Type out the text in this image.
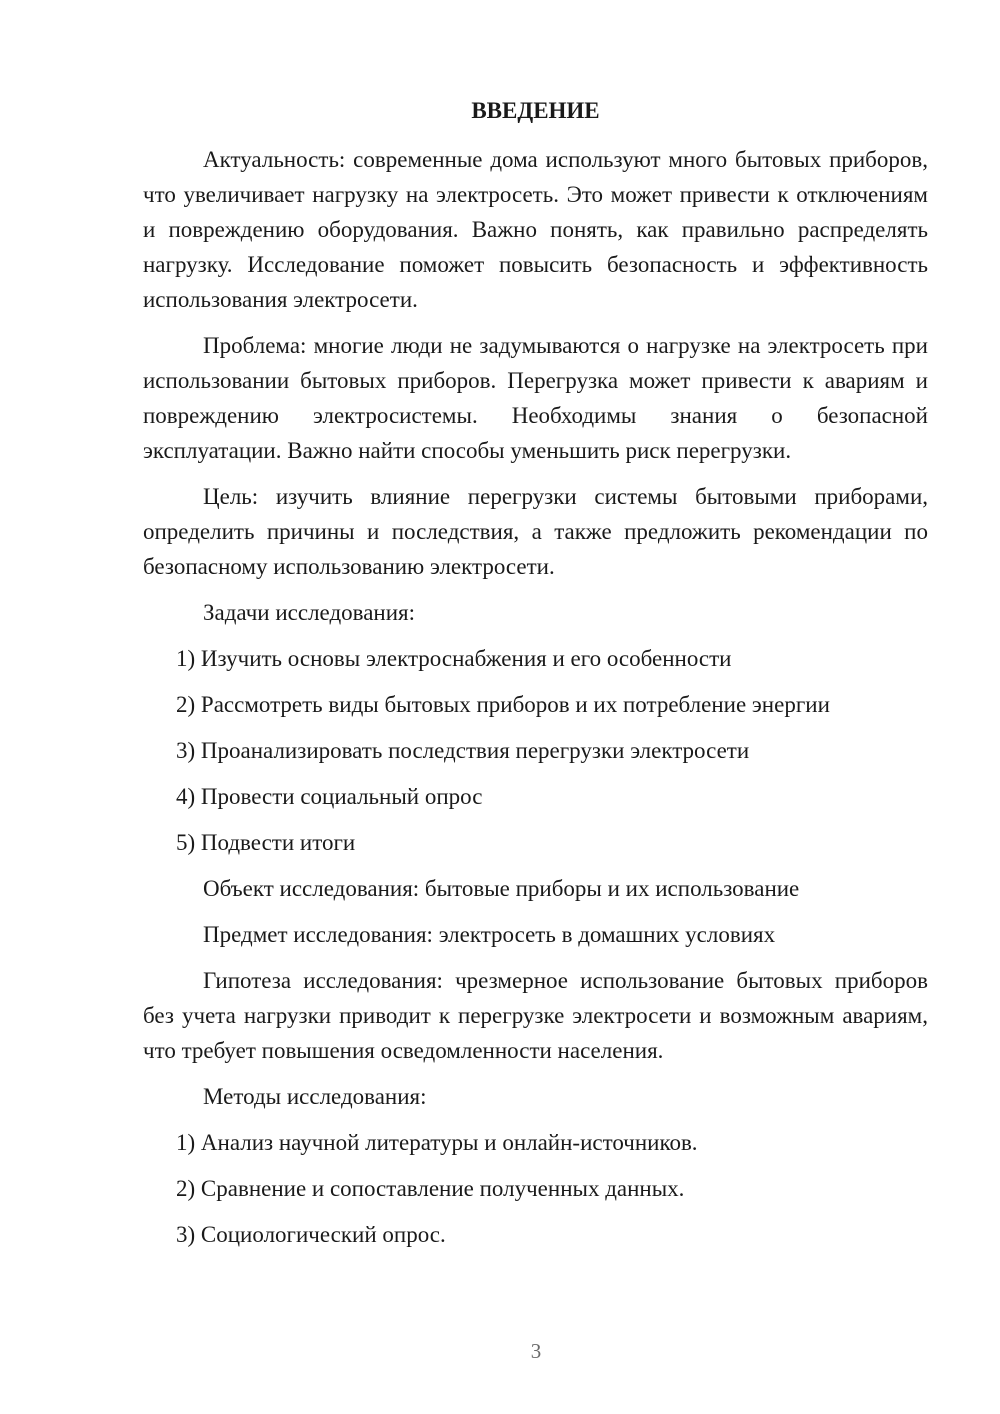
ВВЕДЕНИЕ

Актуальность: современные дома используют много бытовых приборов, что увеличивает нагрузку на электросеть. Это может привести к отключениям и повреждению оборудования. Важно понять, как правильно распределять нагрузку. Исследование поможет повысить безопасность и эффективность использования электросети.

Проблема: многие люди не задумываются о нагрузке на электросеть при использовании бытовых приборов. Перегрузка может привести к авариям и повреждению электросистемы. Необходимы знания о безопасной эксплуатации. Важно найти способы уменьшить риск перегрузки.

Цель: изучить влияние перегрузки системы бытовыми приборами, определить причины и последствия, а также предложить рекомендации по безопасному использованию электросети.

Задачи исследования:

1) Изучить основы электроснабжения и его особенности

2) Рассмотреть виды бытовых приборов и их потребление энергии

3) Проанализировать последствия перегрузки электросети

4) Провести социальный опрос

5) Подвести итоги

Объект исследования: бытовые приборы и их использование

Предмет исследования: электросеть в домашних условиях

Гипотеза исследования: чрезмерное использование бытовых приборов без учета нагрузки приводит к перегрузке электросети и возможным авариям, что требует повышения осведомленности населения.

Методы исследования:

1) Анализ научной литературы и онлайн-источников.

2) Сравнение и сопоставление полученных данных.

3) Социологический опрос.

3
